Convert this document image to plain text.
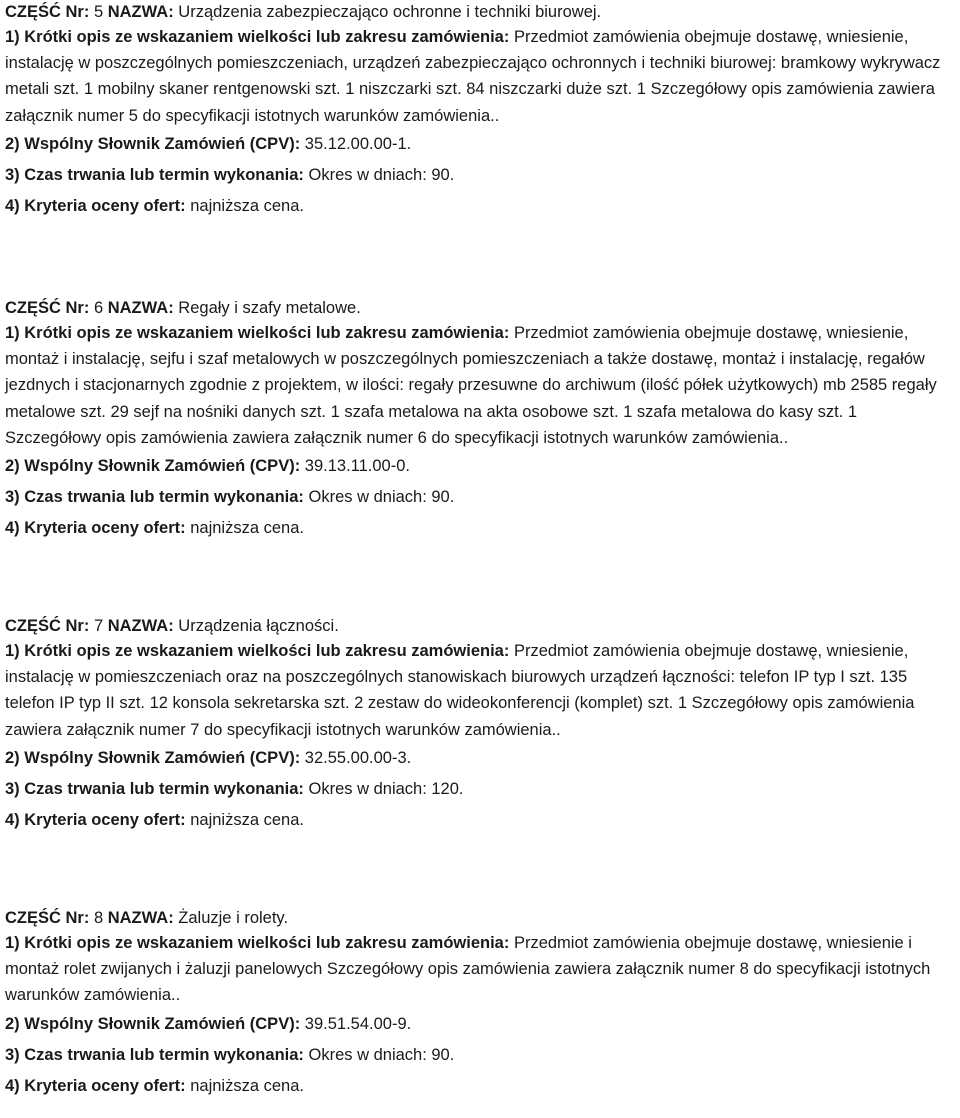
CZĘŚĆ Nr: 5 NAZWA: Urządzenia zabezpieczająco ochronne i techniki biurowej.

1) Krótki opis ze wskazaniem wielkości lub zakresu zamówienia: Przedmiot zamówienia obejmuje dostawę, wniesienie, instalację w poszczególnych pomieszczeniach, urządzeń zabezpieczająco ochronnych i techniki biurowej: bramkowy wykrywacz metali szt. 1 mobilny skaner rentgenowski szt. 1 niszczarki szt. 84 niszczarki duże szt. 1 Szczegółowy opis zamówienia zawiera załącznik numer 5 do specyfikacji istotnych warunków zamówienia..

2) Wspólny Słownik Zamówień (CPV): 35.12.00.00-1.

3) Czas trwania lub termin wykonania: Okres w dniach: 90.

4) Kryteria oceny ofert: najniższa cena.

CZĘŚĆ Nr: 6 NAZWA: Regały i szafy metalowe.

1) Krótki opis ze wskazaniem wielkości lub zakresu zamówienia: Przedmiot zamówienia obejmuje dostawę, wniesienie, montaż i instalację, sejfu i szaf metalowych w poszczególnych pomieszczeniach a także dostawę, montaż i instalację, regałów jezdnych i stacjonarnych zgodnie z projektem, w ilości: regały przesuwne do archiwum (ilość półek użytkowych) mb 2585 regały metalowe szt. 29 sejf na nośniki danych szt. 1 szafa metalowa na akta osobowe szt. 1 szafa metalowa do kasy szt. 1 Szczegółowy opis zamówienia zawiera załącznik numer 6 do specyfikacji istotnych warunków zamówienia..

2) Wspólny Słownik Zamówień (CPV): 39.13.11.00-0.

3) Czas trwania lub termin wykonania: Okres w dniach: 90.

4) Kryteria oceny ofert: najniższa cena.

CZĘŚĆ Nr: 7 NAZWA: Urządzenia łączności.

1) Krótki opis ze wskazaniem wielkości lub zakresu zamówienia: Przedmiot zamówienia obejmuje dostawę, wniesienie, instalację w pomieszczeniach oraz na poszczególnych stanowiskach biurowych urządzeń łączności: telefon IP typ I szt. 135 telefon IP typ II szt. 12 konsola sekretarska szt. 2 zestaw do wideokonferencji (komplet) szt. 1 Szczegółowy opis zamówienia zawiera załącznik numer 7 do specyfikacji istotnych warunków zamówienia..

2) Wspólny Słownik Zamówień (CPV): 32.55.00.00-3.

3) Czas trwania lub termin wykonania: Okres w dniach: 120.

4) Kryteria oceny ofert: najniższa cena.

CZĘŚĆ Nr: 8 NAZWA: Żaluzje i rolety.

1) Krótki opis ze wskazaniem wielkości lub zakresu zamówienia: Przedmiot zamówienia obejmuje dostawę, wniesienie i montaż rolet zwijanych i żaluzji panelowych Szczegółowy opis zamówienia zawiera załącznik numer 8 do specyfikacji istotnych warunków zamówienia..

2) Wspólny Słownik Zamówień (CPV): 39.51.54.00-9.

3) Czas trwania lub termin wykonania: Okres w dniach: 90.

4) Kryteria oceny ofert: najniższa cena.
